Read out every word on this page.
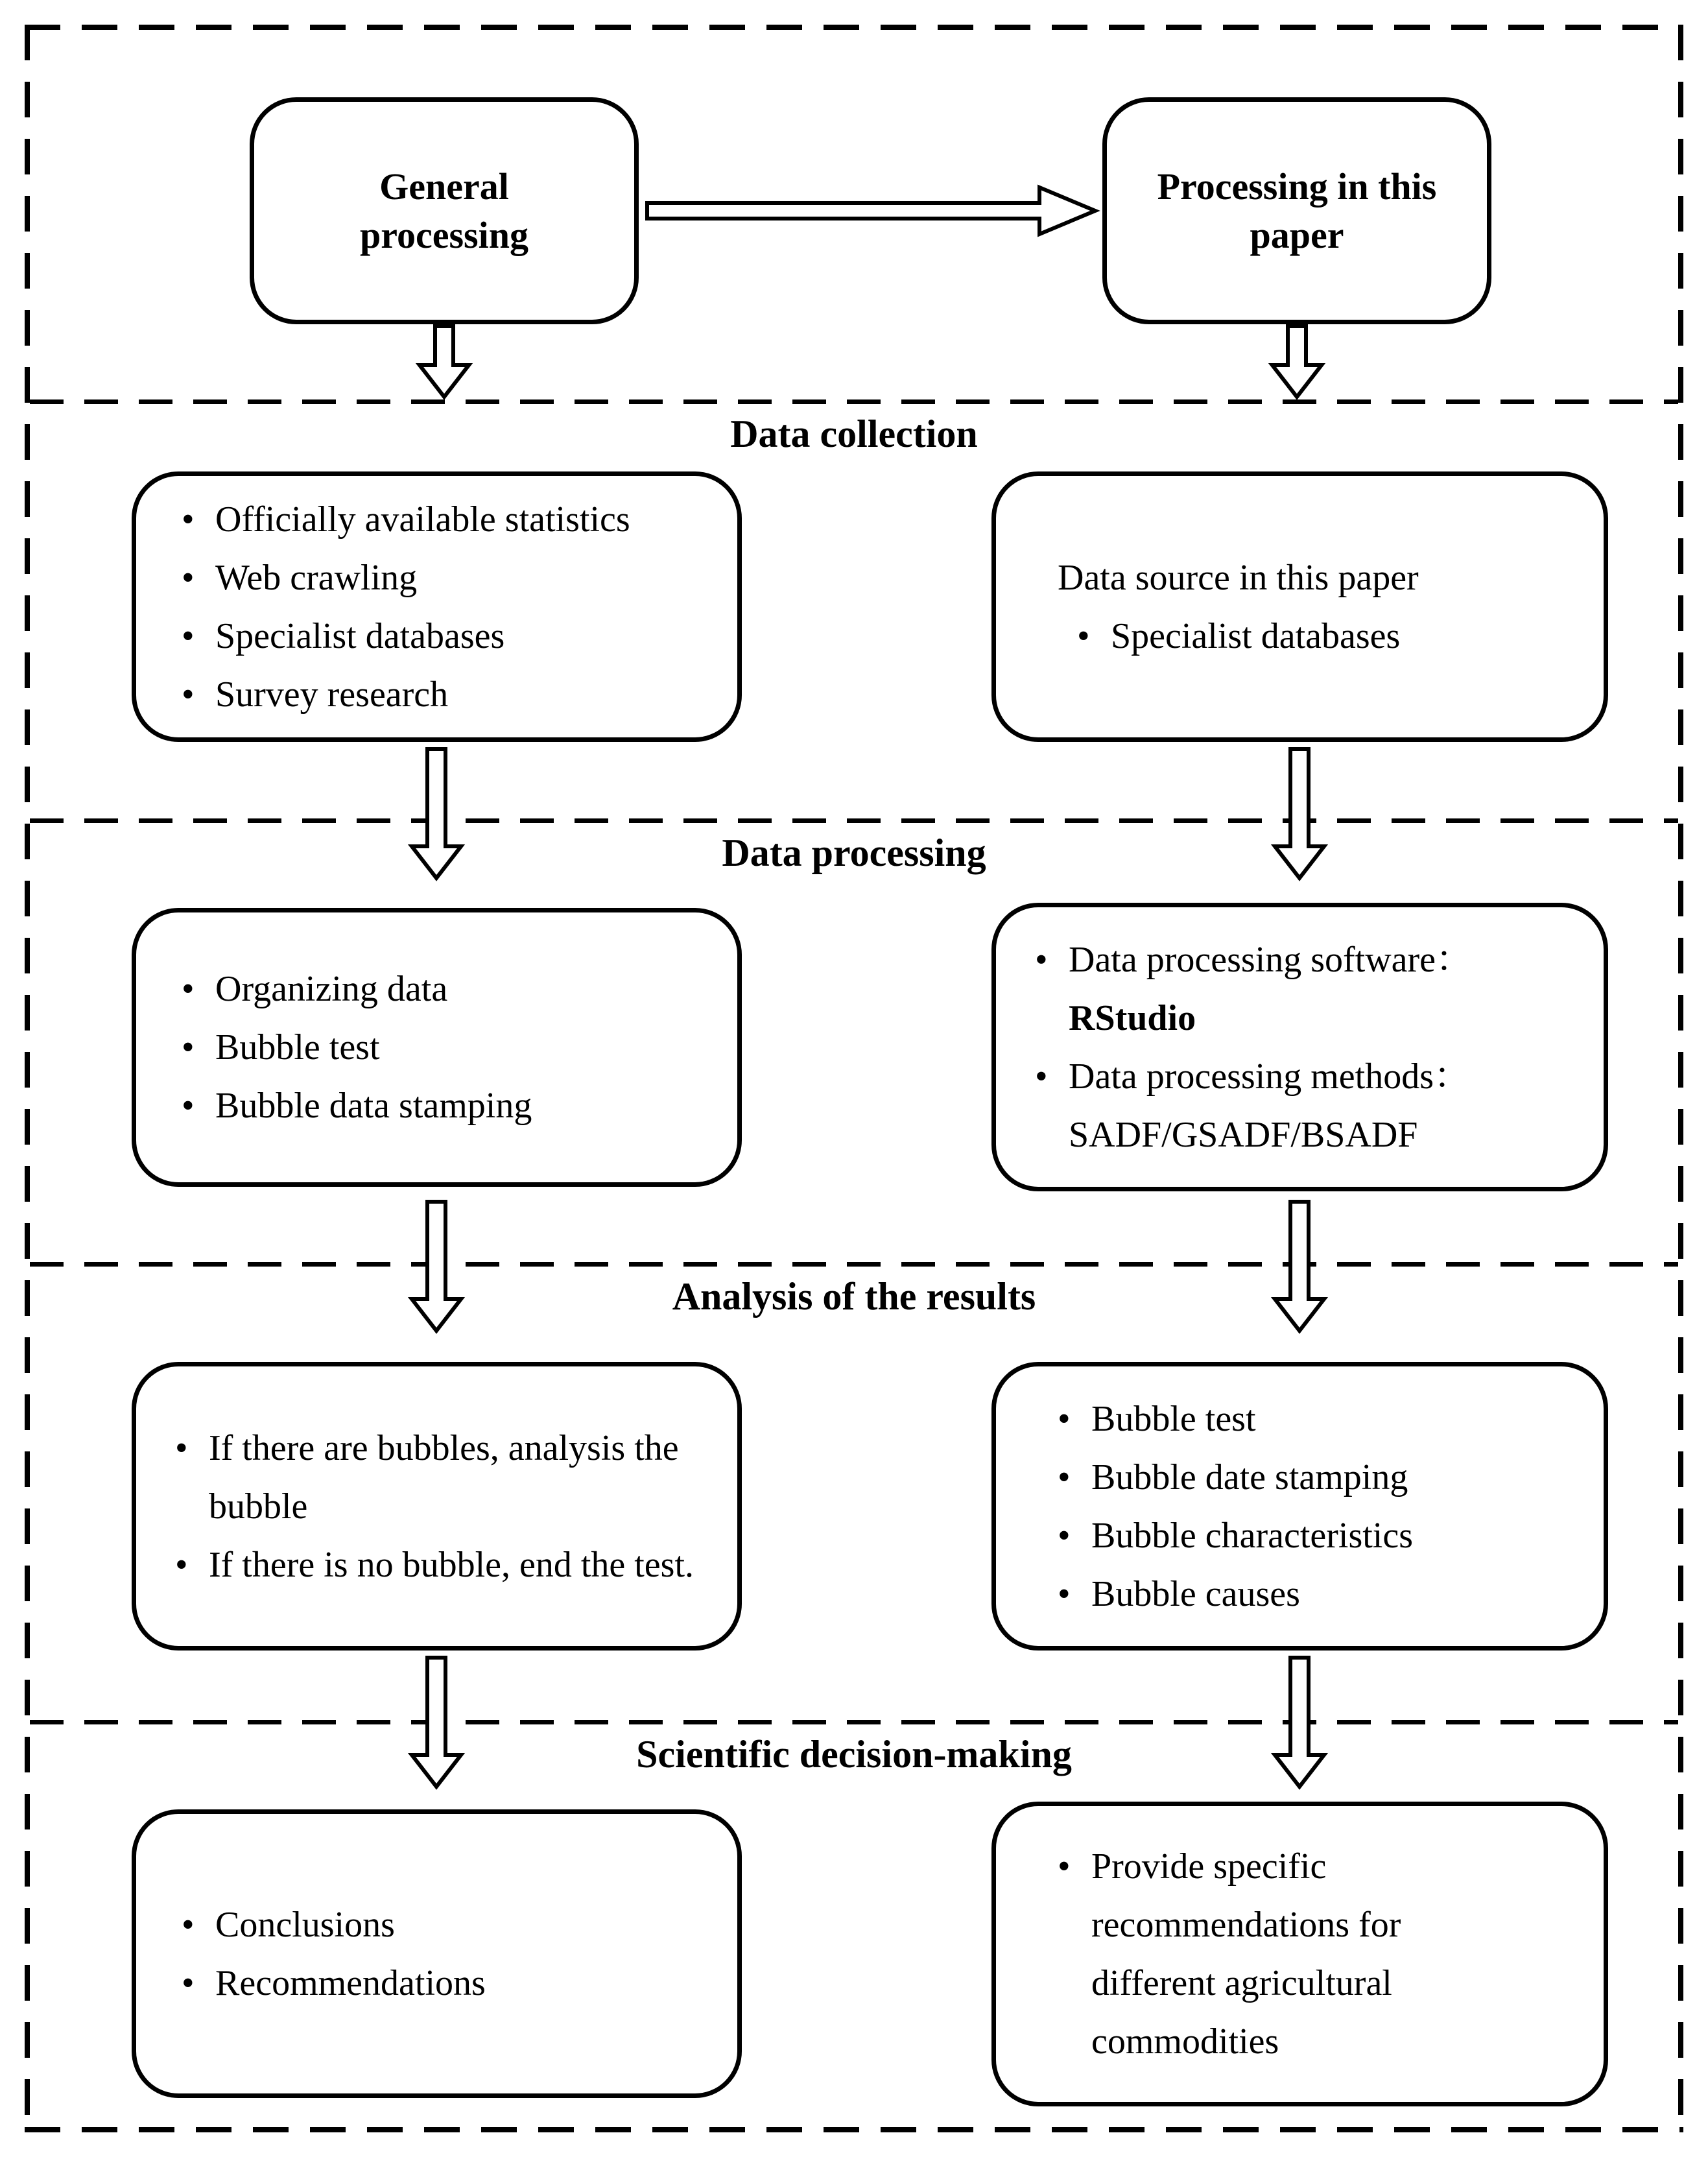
Data collection
Data processing
Analysis of the results
Scientific decision-making
General processing
Processing in this paper
• Officially available statistics
• Web crawling
• Specialist databases
• Survey research
Data source in this paper
• Specialist databases
• Organizing data
• Bubble test
• Bubble data stamping
• Data processing software：
RStudio
• Data processing methods：
SADF/GSADF/BSADF
• If there are bubbles, analysis the bubble
• If there is no bubble, end the test.
• Bubble test
• Bubble date stamping
• Bubble characteristics
• Bubble causes
• Conclusions
• Recommendations
• Provide specific recommendations for different agricultural commodities
